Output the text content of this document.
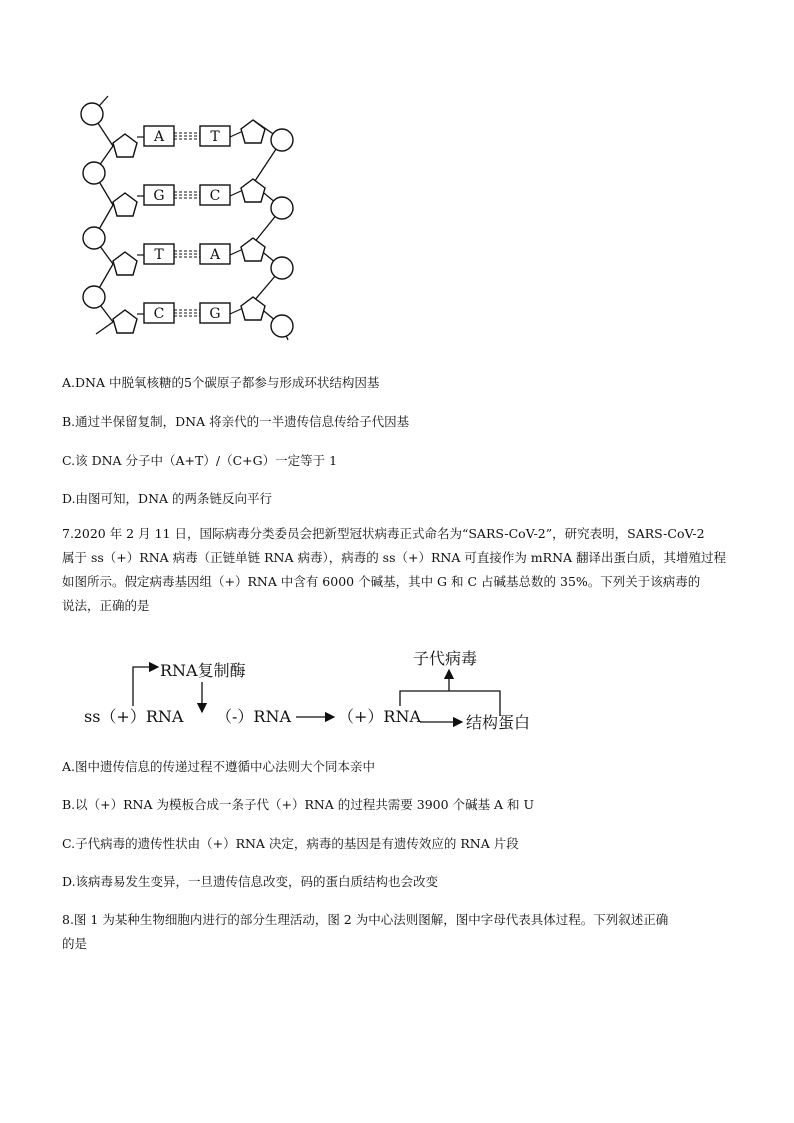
A	T
G	C
T	A
C	G
A.DNA 中脱氧核糖的5个碳原子都参与形成环状结构因基
B.通过半保留复制，DNA 将亲代的一半遗传信息传给子代因基
C.该 DNA 分子中（A+T）/（C+G）一定等于 1
D.由图可知，DNA 的两条链反向平行

7.2020 年 2 月 11 日，国际病毒分类委员会把新型冠状病毒正式命名为“SARS-CoV-2”，研究表明，SARS-CoV-2

属于 ss（+）RNA 病毒（正链单链 RNA 病毒），病毒的 ss（+）RNA 可直接作为 mRNA 翻译出蛋白质，其增殖过程

如图所示。假定病毒基因组（+）RNA 中含有 6000 个碱基，其中 G 和 C 占碱基总数的 35%。下列关于该病毒的

说法，正确的是

ss（+）RNA
RNA复制酶
（-）RNA	（+）RNA
子代病毒
结构蛋白
A.图中遗传信息的传递过程不遵循中心法则大个同本亲中
B.以（+）RNA 为模板合成一条子代（+）RNA 的过程共需要 3900 个碱基 A 和 U
C.子代病毒的遗传性状由（+）RNA 决定，病毒的基因是有遗传效应的 RNA 片段
D.该病毒易发生变异，一旦遗传信息改变，码的蛋白质结构也会改变

8.图 1 为某种生物细胞内进行的部分生理活动，图 2 为中心法则图解，图中字母代表具体过程。下列叙述正确

的是
